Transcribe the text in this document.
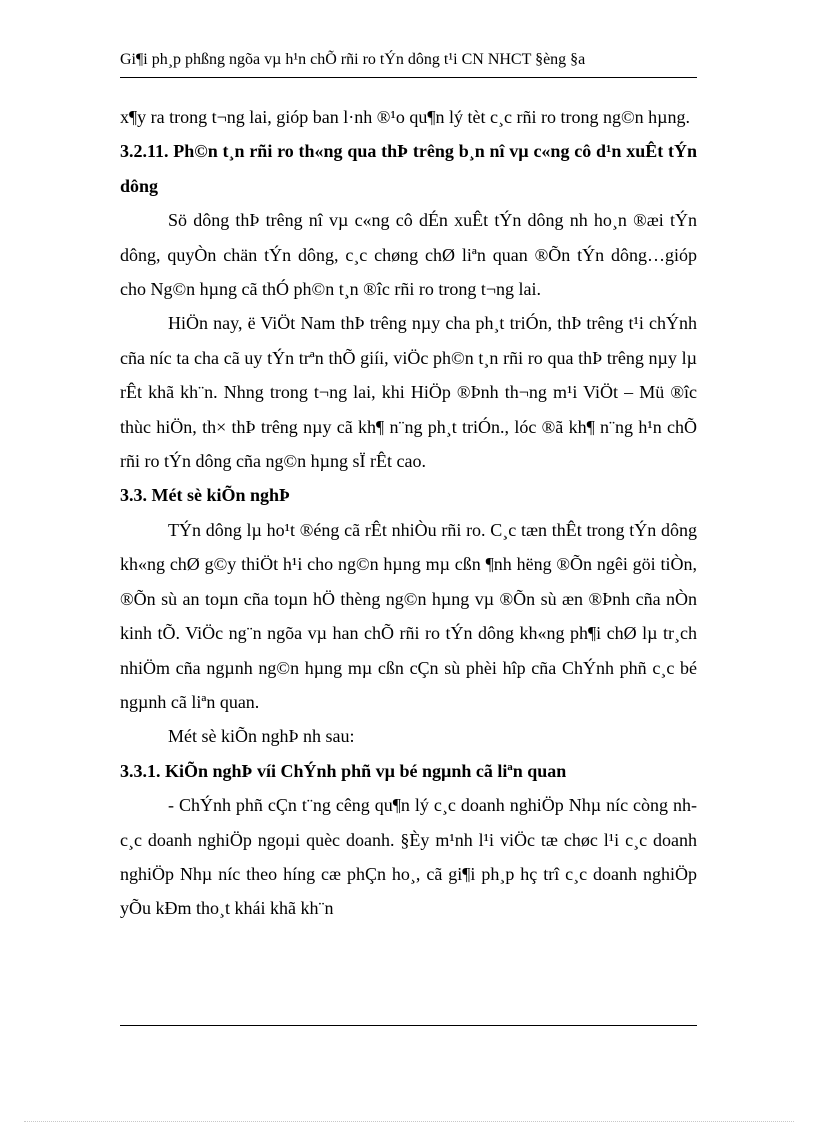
Gi¶i ph¸p phßng ngõa vµ h¹n chÕ rñi ro tÝn dông t¹i CN NHCT §èng §a

x¶y ra trong t¬ng lai, gióp ban l·nh ®¹o qu¶n lý tèt c¸c rñi ro trong ng©n hµng.

3.2.11. Ph©n t¸n rñi ro th«ng qua thÞ trêng b¸n nî vµ c«ng cô d¹n xuÊt tÝn dông

Sö dông thÞ trêng nî vµ c«ng cô dÉn xuÊt tÝn dông nh ho¸n ®æi tÝn dông, quyÒn chän tÝn dông, c¸c chøng chØ liªn quan ®Õn tÝn dông…gióp cho Ng©n hµng cã thÓ ph©n t¸n ®îc rñi ro trong t¬ng lai.

HiÖn nay, ë ViÖt Nam thÞ trêng nµy cha ph¸t triÓn, thÞ trêng t¹i chÝnh cña níc ta cha cã uy tÝn trªn thÕ giíi, viÖc ph©n t¸n rñi ro qua thÞ trêng nµy lµ rÊt khã kh¨n. Nhng trong t¬ng lai, khi HiÖp ®Þnh th¬ng m¹i ViÖt – Mü ®îc thùc hiÖn, th× thÞ trêng nµy cã kh¶ n¨ng ph¸t triÓn., lóc ®ã kh¶ n¨ng h¹n chÕ rñi ro tÝn dông cña ng©n hµng sÏ rÊt cao.

3.3. Mét sè kiÕn nghÞ

TÝn dông lµ ho¹t ®éng cã rÊt nhiÒu rñi ro. C¸c tæn thÊt trong tÝn dông kh«ng chØ g©y thiÖt h¹i cho ng©n hµng mµ cßn ¶nh hëng ®Õn ngêi göi tiÒn, ®Õn sù an toµn cña toµn hÖ thèng ng©n hµng vµ ®Õn sù æn ®Þnh cña nÒn kinh tÕ. ViÖc ng¨n ngõa vµ han chÕ rñi ro tÝn dông kh«ng ph¶i chØ lµ tr¸ch nhiÖm cña ngµnh ng©n hµng mµ cßn cÇn sù phèi hîp cña ChÝnh phñ c¸c bé ngµnh cã liªn quan.

Mét sè kiÕn nghÞ nh sau:

3.3.1. KiÕn nghÞ víi ChÝnh phñ vµ bé ngµnh cã liªn quan

- ChÝnh phñ cÇn t¨ng cêng qu¶n lý c¸c doanh nghiÖp Nhµ níc còng nh c¸c doanh nghiÖp ngoµi quèc doanh. §Èy m¹nh l¹i viÖc tæ chøc l¹i c¸c doanh nghiÖp Nhµ níc theo híng cæ phÇn ho¸, cã gi¶i ph¸p hç trî c¸c doanh nghiÖp yÕu kÐm tho¸t khái khã kh¨n
